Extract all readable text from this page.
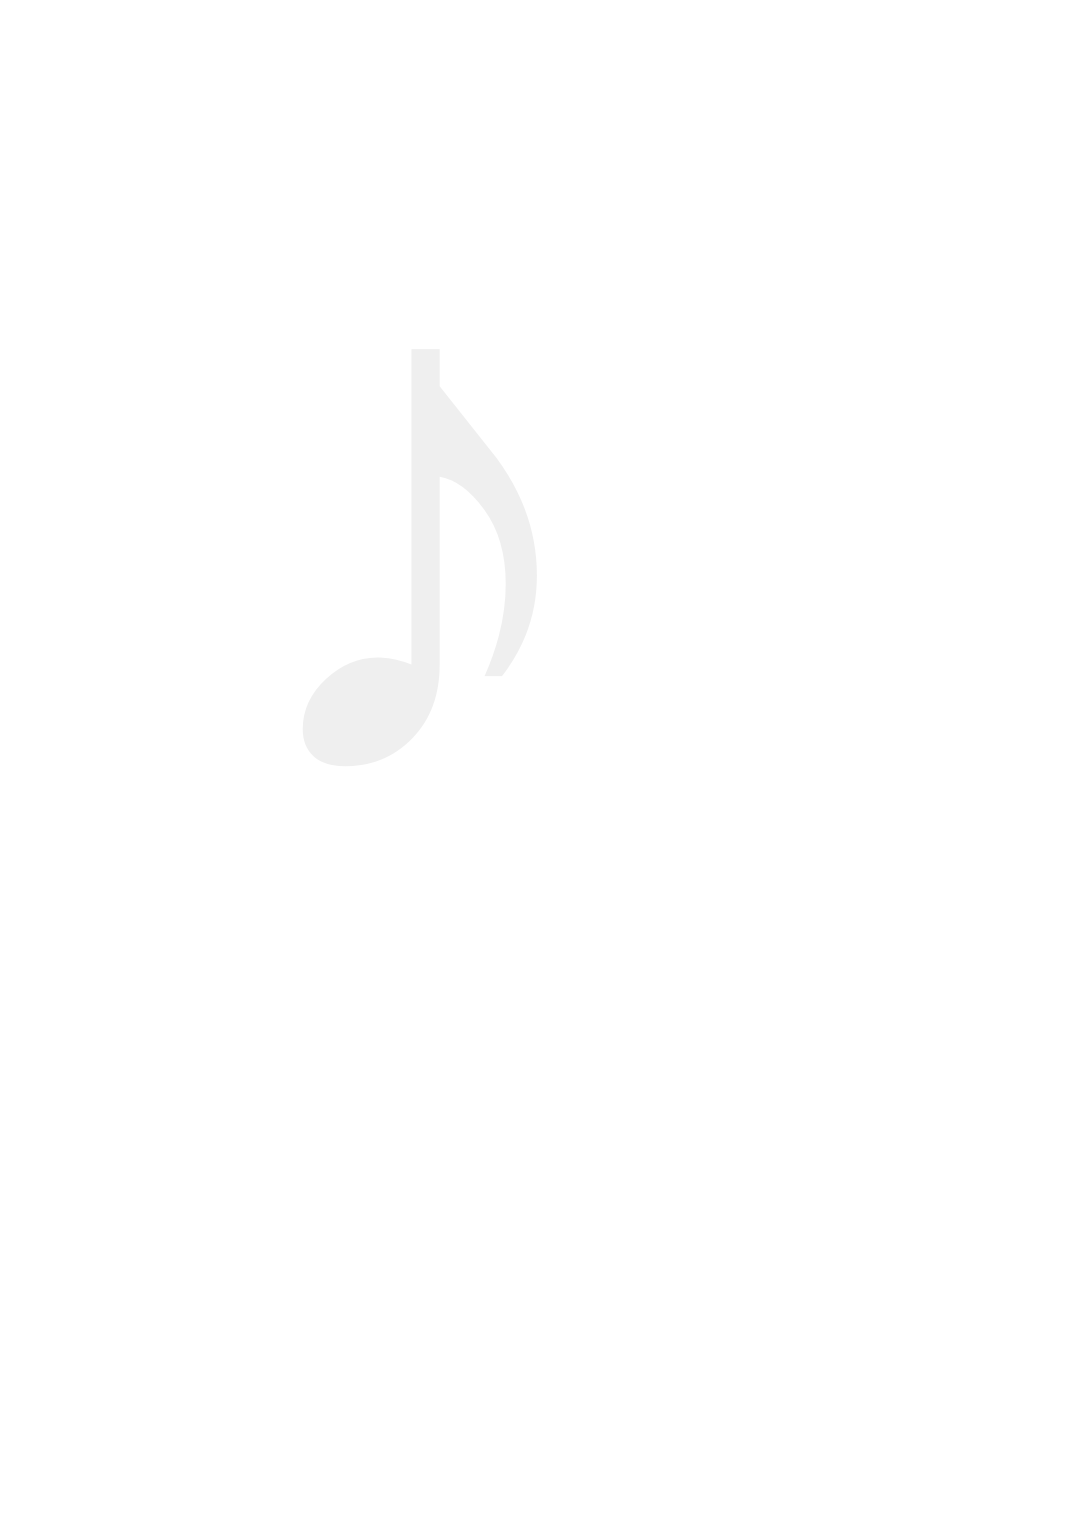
♪
